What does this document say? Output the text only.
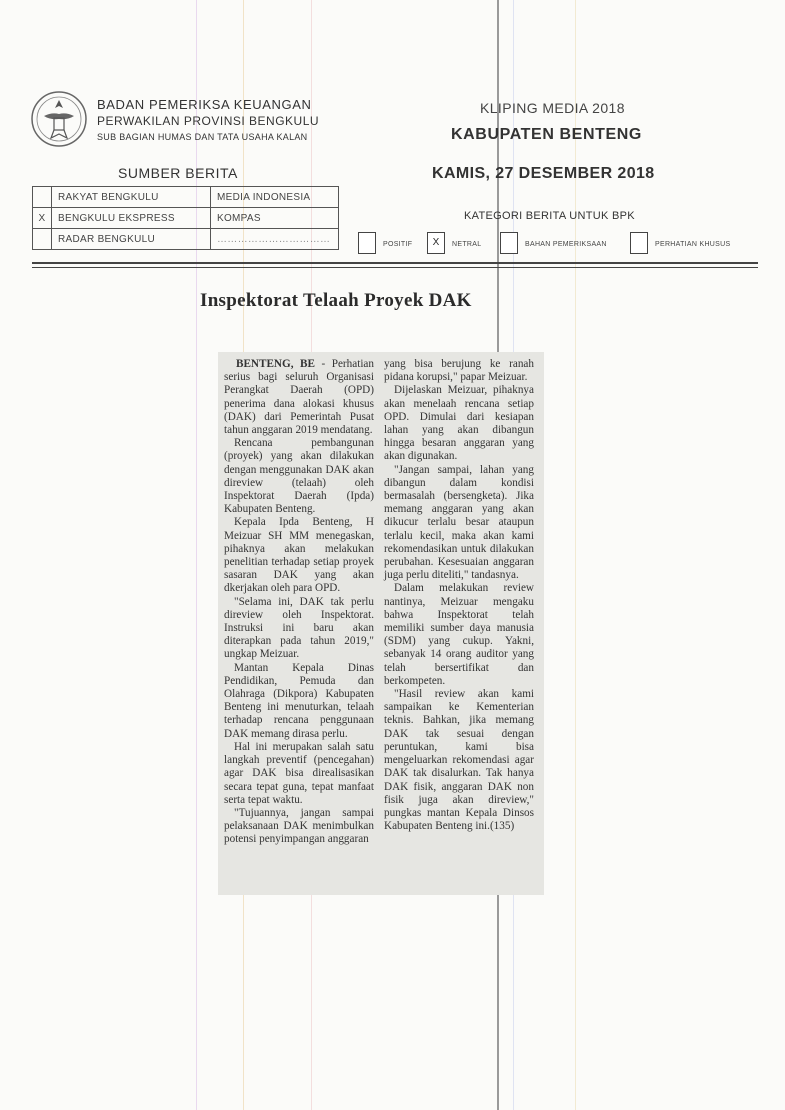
BADAN PEMERIKSA KEUANGAN
PERWAKILAN PROVINSI BENGKULU
SUB BAGIAN HUMAS DAN TATA USAHA KALAN
KLIPING MEDIA 2018
KABUPATEN BENTENG
SUMBER BERITA	KAMIS, 27 DESEMBER 2018
	RAKYAT BENGKULU	MEDIA INDONESIA
X	BENGKULU EKSPRESS	KOMPAS
	RADAR BENGKULU	……………………………
KATEGORI BERITA UNTUK BPK
POSITIF	X	NETRAL	BAHAN PEMERIKSAAN	PERHATIAN KHUSUS
Inspektorat Telaah Proyek DAK

BENTENG, BE - Perhatian serius bagi seluruh Organisasi Perangkat Daerah (OPD) penerima dana alokasi khusus (DAK) dari Pemerintah Pusat tahun anggaran 2019 mendatang.

Rencana pembangunan (proyek) yang akan dilakukan dengan menggunakan DAK akan direview (telaah) oleh Inspektorat Daerah (Ipda) Kabupaten Benteng.

Kepala Ipda Benteng, H Meizuar SH MM menegaskan, pihaknya akan melakukan penelitian terhadap setiap proyek sasaran DAK yang akan dkerjakan oleh para OPD.

"Selama ini, DAK tak perlu direview oleh Inspektorat. Instruksi ini baru akan diterapkan pada tahun 2019," ungkap Meizuar.

Mantan Kepala Dinas Pendidikan, Pemuda dan Olahraga (Dikpora) Kabupaten Benteng ini menuturkan, telaah terhadap rencana penggunaan DAK memang dirasa perlu.

Hal ini merupakan salah satu langkah preventif (pencegahan) agar DAK bisa direalisasikan secara tepat guna, tepat manfaat serta tepat waktu.

"Tujuannya, jangan sampai pelaksanaan DAK menimbulkan potensi penyimpangan anggaran

yang bisa berujung ke ranah pidana korupsi," papar Meizuar.

Dijelaskan Meizuar, pihaknya akan menelaah rencana setiap OPD. Dimulai dari kesiapan lahan yang akan dibangun hingga besaran anggaran yang akan digunakan.

"Jangan sampai, lahan yang dibangun dalam kondisi bermasalah (bersengketa). Jika memang anggaran yang akan dikucur terlalu besar ataupun terlalu kecil, maka akan kami rekomendasikan untuk dilakukan perubahan. Kesesuaian anggaran juga perlu diteliti," tandasnya.

Dalam melakukan review nantinya, Meizuar mengaku bahwa Inspektorat telah memiliki sumber daya manusia (SDM) yang cukup. Yakni, sebanyak 14 orang auditor yang telah bersertifikat dan berkompeten.

"Hasil review akan kami sampaikan ke Kementerian teknis. Bahkan, jika memang DAK tak sesuai dengan peruntukan, kami bisa mengeluarkan rekomendasi agar DAK tak disalurkan. Tak hanya DAK fisik, anggaran DAK non fisik juga akan direview," pungkas mantan Kepala Dinsos Kabupaten Benteng ini.(135)
